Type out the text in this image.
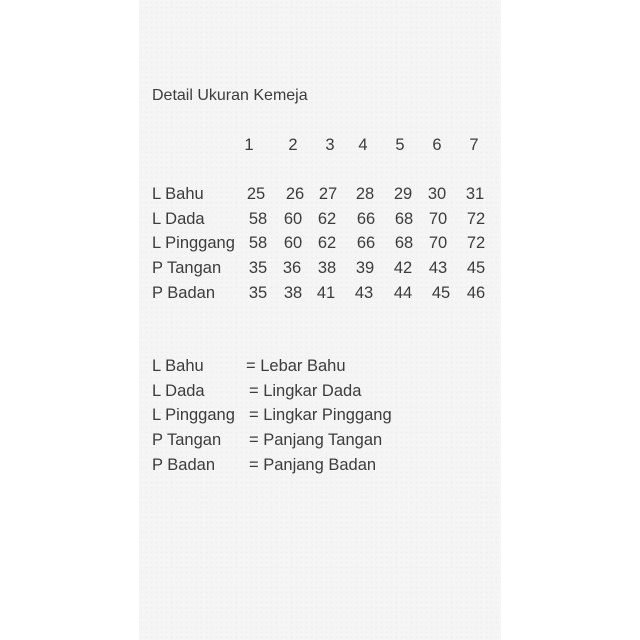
Detail Ukuran Kemeja
1	2	3	4	5	6	7
L Bahu	25	26 27	28	29 30	31
L Dada	58	60 62	66	68 70	72
L Pinggang 58	60 62	66	68 70	72
P Tangan	35 36	38	39	42	43	45
P Badan	35	38 41	43	44	45	46
L Bahu	= Lebar Bahu
L Dada	= Lingkar Dada
L Pinggang = Lingkar Pinggang
P Tangan = Panjang Tangan
P Badan = Panjang Badan
